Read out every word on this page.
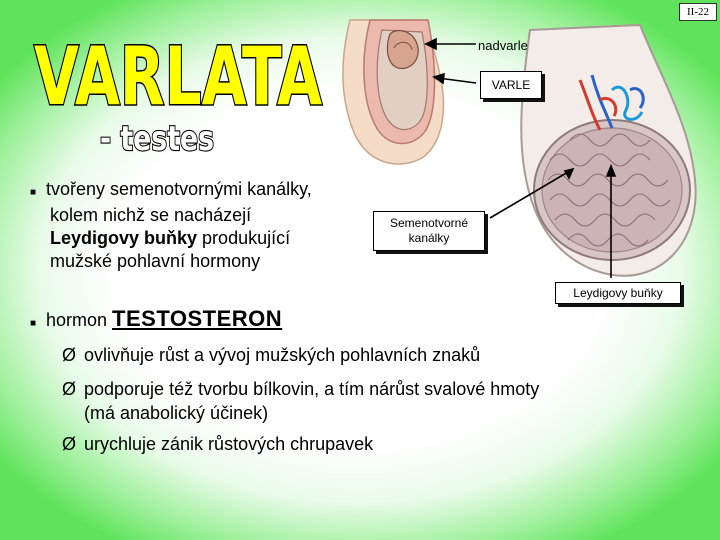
II-22
VARLATA
- testes
nadvarle
VARLE
Semenotvorné kanálky
Leydigovy buňky
■ tvořeny semenotvornými kanálky,
kolem nichž se nacházejí
Leydigovy buňky produkující
mužské pohlavní hormony
■ hormon TESTOSTERON
Ø ovlivňuje růst a vývoj mužských pohlavních znaků
Ø podporuje též tvorbu bílkovin, a tím nárůst svalové hmoty
(má anabolický účinek)
Ø urychluje zánik růstových chrupavek
